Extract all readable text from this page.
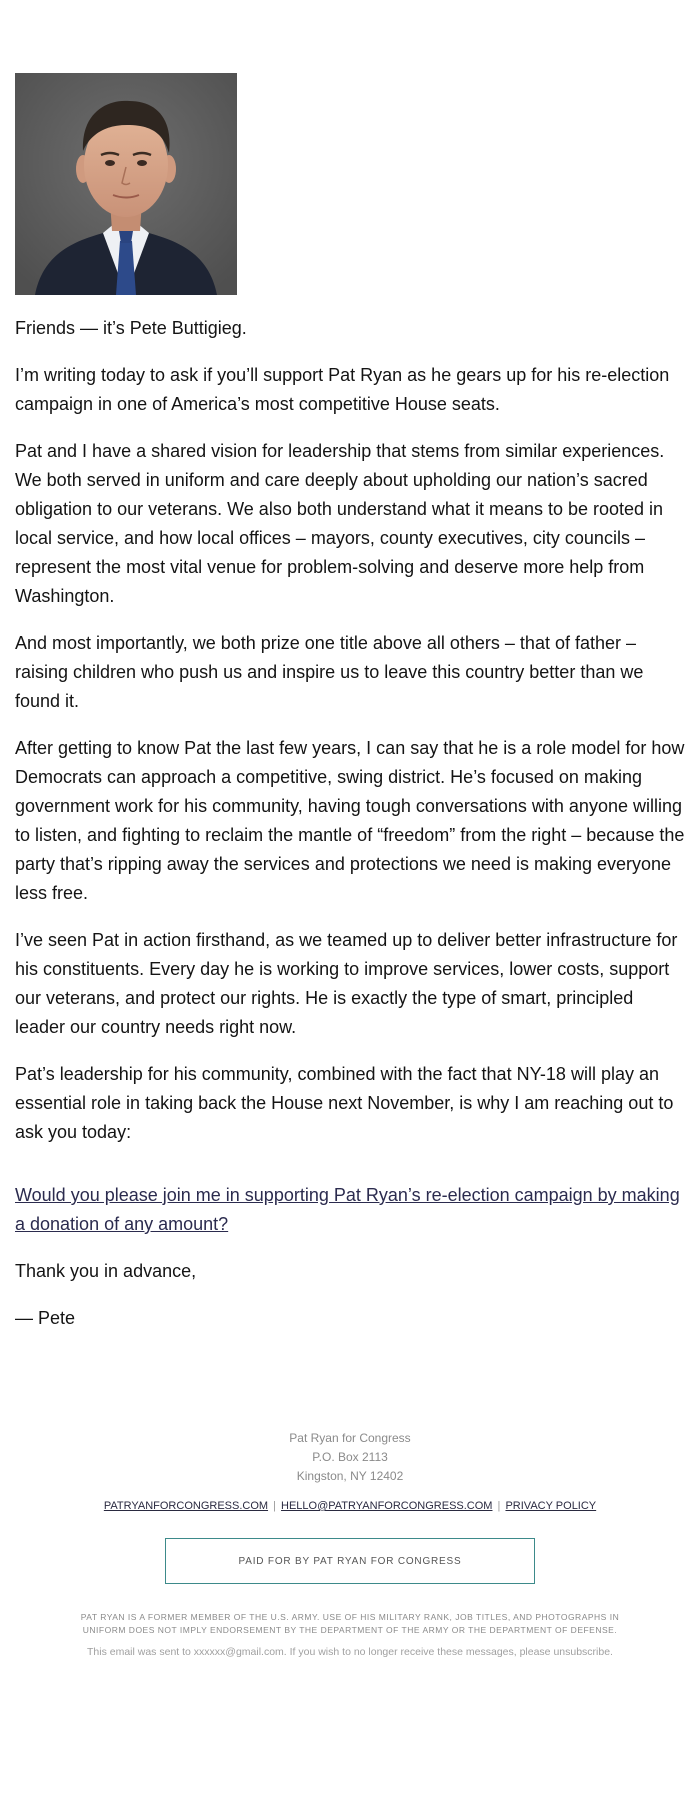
Friends — it’s Pete Buttigieg.

I’m writing today to ask if you’ll support Pat Ryan as he gears up for his re-election campaign in one of America’s most competitive House seats.

Pat and I have a shared vision for leadership that stems from similar experiences. We both served in uniform and care deeply about upholding our nation’s sacred obligation to our veterans. We also both understand what it means to be rooted in local service, and how local offices – mayors, county executives, city councils – represent the most vital venue for problem-solving and deserve more help from Washington.

And most importantly, we both prize one title above all others – that of father – raising children who push us and inspire us to leave this country better than we found it.

After getting to know Pat the last few years, I can say that he is a role model for how Democrats can approach a competitive, swing district. He’s focused on making government work for his community, having tough conversations with anyone willing to listen, and fighting to reclaim the mantle of “freedom” from the right – because the party that’s ripping away the services and protections we need is making everyone less free.

I’ve seen Pat in action firsthand, as we teamed up to deliver better infrastructure for his constituents. Every day he is working to improve services, lower costs, support our veterans, and protect our rights. He is exactly the type of smart, principled leader our country needs right now.

Pat’s leadership for his community, combined with the fact that NY-18 will play an essential role in taking back the House next November, is why I am reaching out to ask you today:

Would you please join me in supporting Pat Ryan’s re-election campaign by making a donation of any amount?

Thank you in advance,

— Pete

Pat Ryan for Congress
P.O. Box 2113
Kingston, NY 12402
PATRYANFORCONGRESS.COM | HELLO@PATRYANFORCONGRESS.COM | PRIVACY POLICY
PAID FOR BY PAT RYAN FOR CONGRESS
PAT RYAN IS A FORMER MEMBER OF THE U.S. ARMY. USE OF HIS MILITARY RANK, JOB TITLES, AND PHOTOGRAPHS IN UNIFORM DOES NOT IMPLY ENDORSEMENT BY THE DEPARTMENT OF THE ARMY OR THE DEPARTMENT OF DEFENSE.
This email was sent to xxxxxx@gmail.com. If you wish to no longer receive these messages, please unsubscribe.
